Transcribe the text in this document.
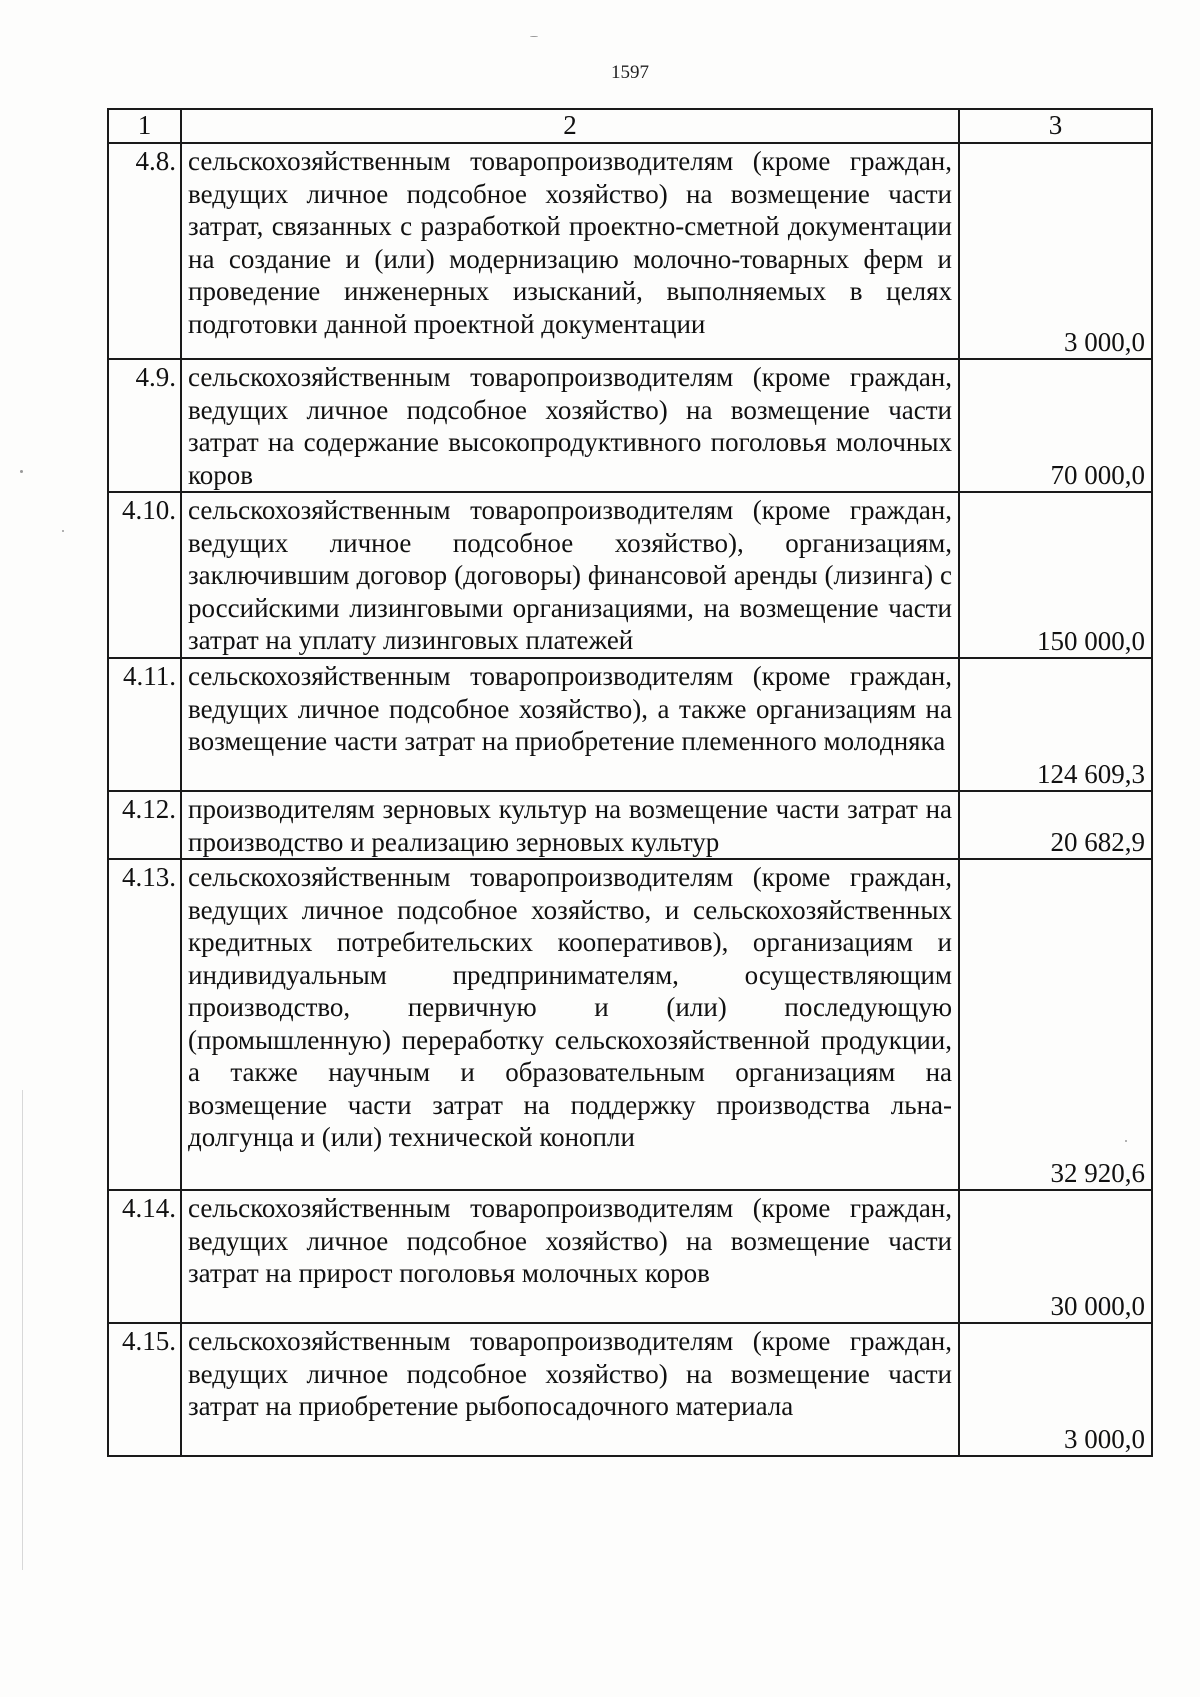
1597
1	2	3
4.8.	сельскохозяйственным товаропроизводителям (кроме граждан, ведущих личное подсобное хозяйство) на возмещение части затрат, связанных с разработкой проектно-сметной документации на создание и (или) модернизацию молочно-товарных ферм и проведение инженерных изысканий, выполняемых в целях подготовки данной проектной документации	3 000,0
4.9.	сельскохозяйственным товаропроизводителям (кроме граждан, ведущих личное подсобное хозяйство) на возмещение части затрат на содержание высокопродуктивного поголовья молочных коров	70 000,0
4.10.	сельскохозяйственным товаропроизводителям (кроме граждан, ведущих личное подсобное хозяйство), организациям, заключившим договор (договоры) финансовой аренды (лизинга) с российскими лизинговыми организациями, на возмещение части затрат на уплату лизинговых платежей	150 000,0
4.11.	сельскохозяйственным товаропроизводителям (кроме граждан, ведущих личное подсобное хозяйство), а также организациям на возмещение части затрат на приобретение племенного молодняка	124 609,3
4.12.	производителям зерновых культур на возмещение части затрат на производство и реализацию зерновых культур	20 682,9
4.13.	сельскохозяйственным товаропроизводителям (кроме граждан, ведущих личное подсобное хозяйство, и сельскохозяйственных кредитных потребительских кооперативов), организациям и индивидуальным предпринимателям, осуществляющим производство, первичную и (или) последующую (промышленную) переработку сельскохозяйственной продукции, а также научным и образовательным организациям на возмещение части затрат на поддержку производства льна-долгунца и (или) технической конопли	32 920,6
4.14.	сельскохозяйственным товаропроизводителям (кроме граждан, ведущих личное подсобное хозяйство) на возмещение части затрат на прирост поголовья молочных коров	30 000,0
4.15.	сельскохозяйственным товаропроизводителям (кроме граждан, ведущих личное подсобное хозяйство) на возмещение части затрат на приобретение рыбопосадочного материала	3 000,0
